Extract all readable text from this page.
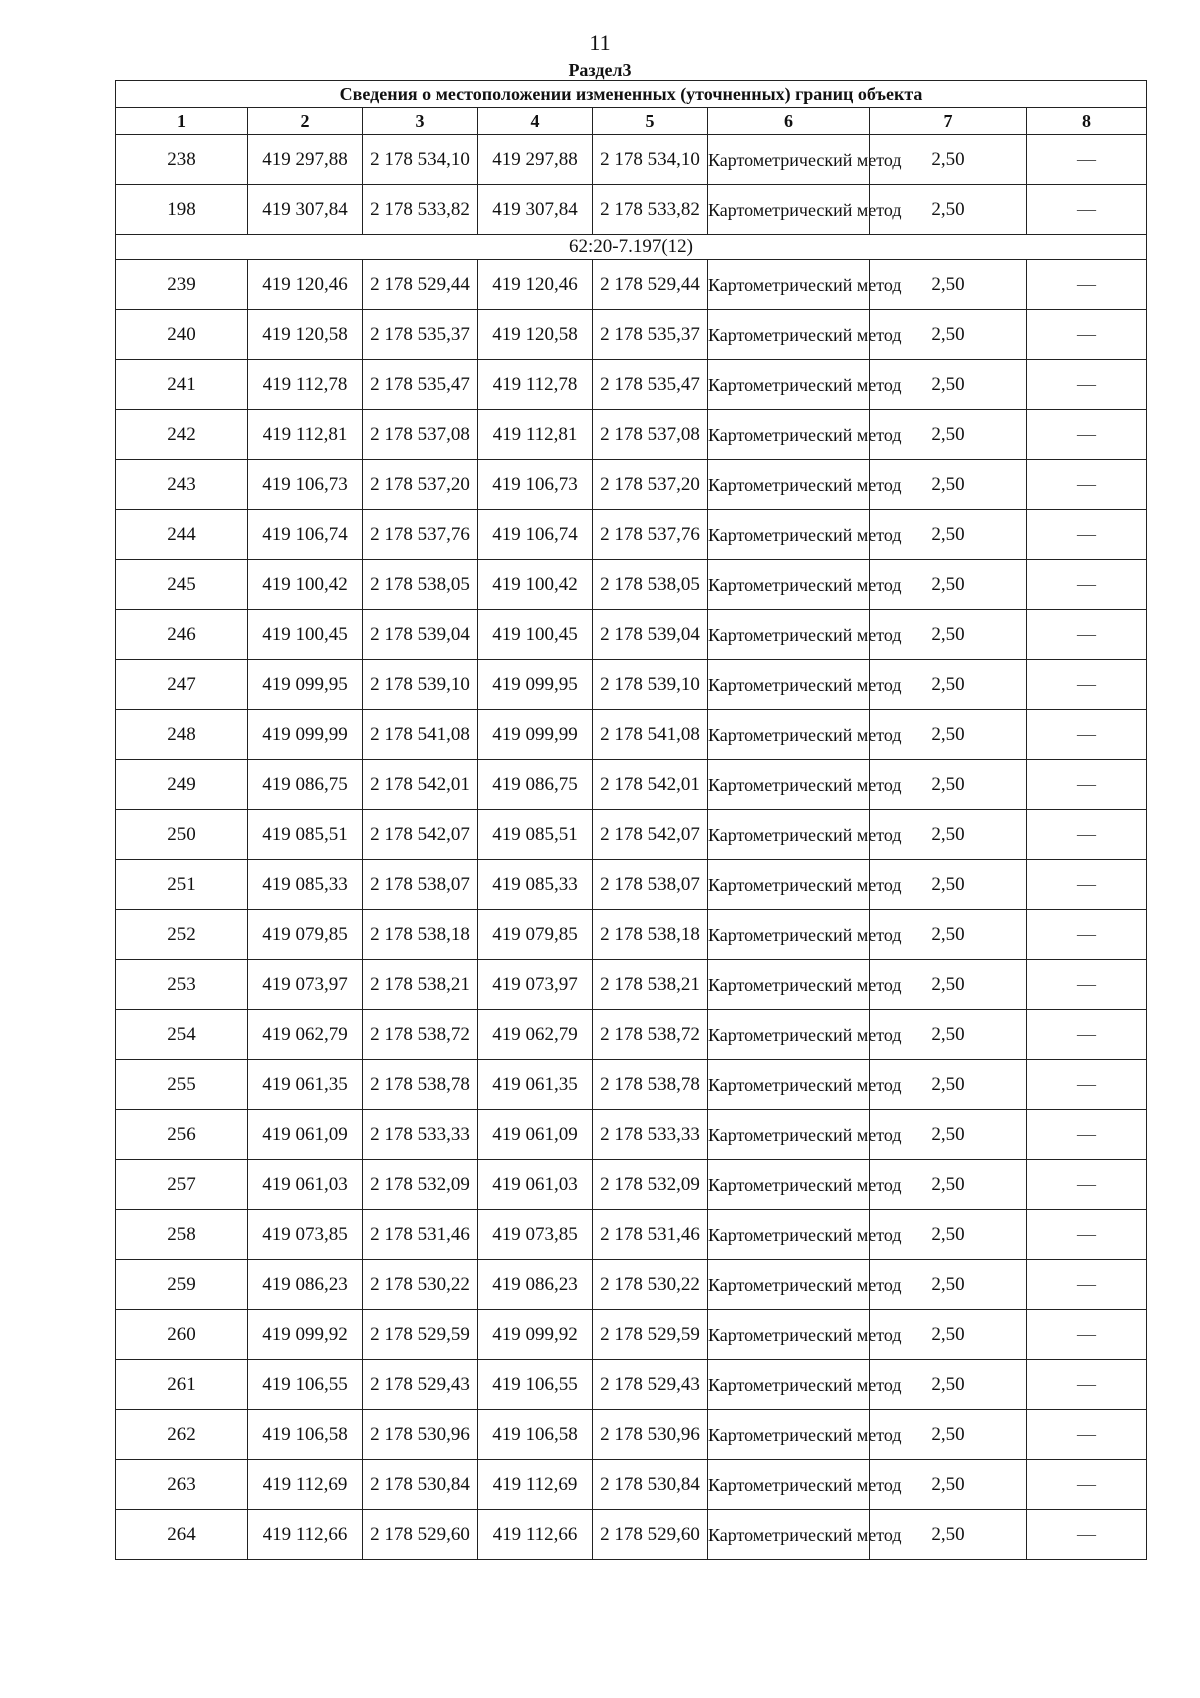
11
Раздел3
Сведения о местоположении измененных (уточненных) границ объекта							
1	2	3	4	5	6	7	8
238	419 297,88	2 178 534,10	419 297,88	2 178 534,10	Картометрический метод	2,50	—
198	419 307,84	2 178 533,82	419 307,84	2 178 533,82	Картометрический метод	2,50	—
62:20-7.197(12)							
239	419 120,46	2 178 529,44	419 120,46	2 178 529,44	Картометрический метод	2,50	—
240	419 120,58	2 178 535,37	419 120,58	2 178 535,37	Картометрический метод	2,50	—
241	419 112,78	2 178 535,47	419 112,78	2 178 535,47	Картометрический метод	2,50	—
242	419 112,81	2 178 537,08	419 112,81	2 178 537,08	Картометрический метод	2,50	—
243	419 106,73	2 178 537,20	419 106,73	2 178 537,20	Картометрический метод	2,50	—
244	419 106,74	2 178 537,76	419 106,74	2 178 537,76	Картометрический метод	2,50	—
245	419 100,42	2 178 538,05	419 100,42	2 178 538,05	Картометрический метод	2,50	—
246	419 100,45	2 178 539,04	419 100,45	2 178 539,04	Картометрический метод	2,50	—
247	419 099,95	2 178 539,10	419 099,95	2 178 539,10	Картометрический метод	2,50	—
248	419 099,99	2 178 541,08	419 099,99	2 178 541,08	Картометрический метод	2,50	—
249	419 086,75	2 178 542,01	419 086,75	2 178 542,01	Картометрический метод	2,50	—
250	419 085,51	2 178 542,07	419 085,51	2 178 542,07	Картометрический метод	2,50	—
251	419 085,33	2 178 538,07	419 085,33	2 178 538,07	Картометрический метод	2,50	—
252	419 079,85	2 178 538,18	419 079,85	2 178 538,18	Картометрический метод	2,50	—
253	419 073,97	2 178 538,21	419 073,97	2 178 538,21	Картометрический метод	2,50	—
254	419 062,79	2 178 538,72	419 062,79	2 178 538,72	Картометрический метод	2,50	—
255	419 061,35	2 178 538,78	419 061,35	2 178 538,78	Картометрический метод	2,50	—
256	419 061,09	2 178 533,33	419 061,09	2 178 533,33	Картометрический метод	2,50	—
257	419 061,03	2 178 532,09	419 061,03	2 178 532,09	Картометрический метод	2,50	—
258	419 073,85	2 178 531,46	419 073,85	2 178 531,46	Картометрический метод	2,50	—
259	419 086,23	2 178 530,22	419 086,23	2 178 530,22	Картометрический метод	2,50	—
260	419 099,92	2 178 529,59	419 099,92	2 178 529,59	Картометрический метод	2,50	—
261	419 106,55	2 178 529,43	419 106,55	2 178 529,43	Картометрический метод	2,50	—
262	419 106,58	2 178 530,96	419 106,58	2 178 530,96	Картометрический метод	2,50	—
263	419 112,69	2 178 530,84	419 112,69	2 178 530,84	Картометрический метод	2,50	—
264	419 112,66	2 178 529,60	419 112,66	2 178 529,60	Картометрический метод	2,50	—
